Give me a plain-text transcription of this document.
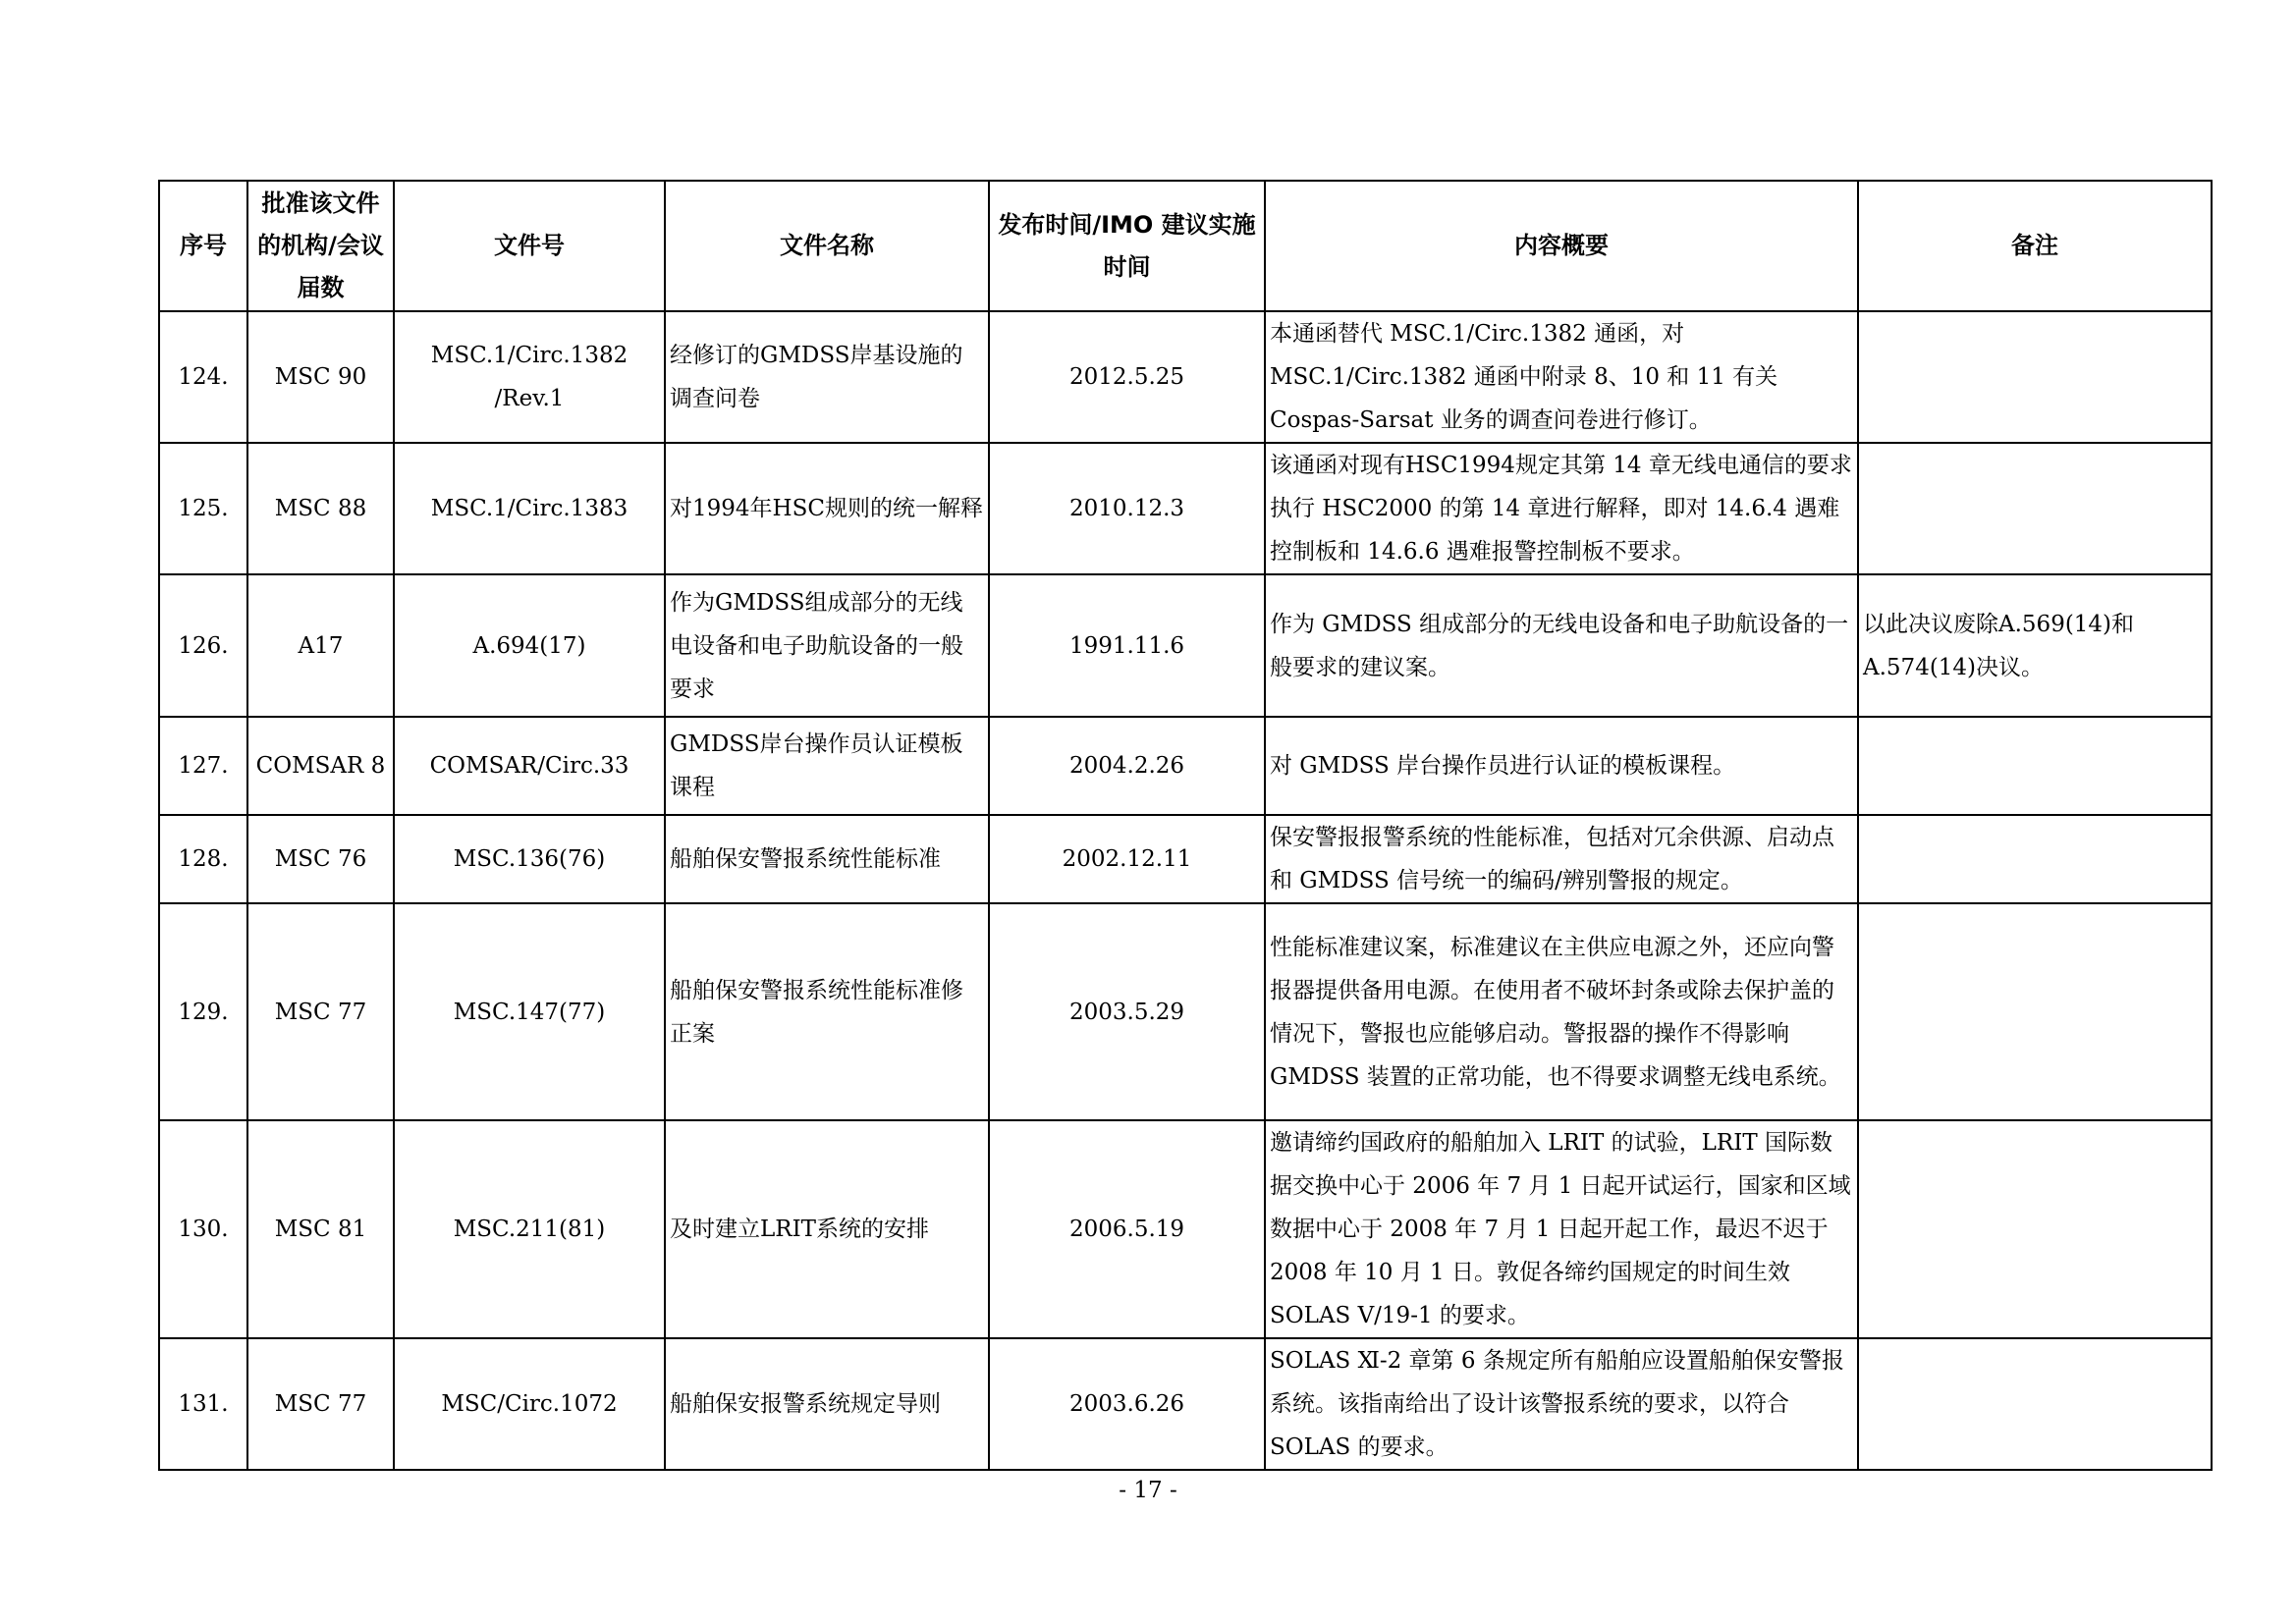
序号	批准该文件的机构/会议届数	文件号	文件名称	发布时间/IMO 建议实施时间	内容概要	备注
124.	MSC 90	MSC.1/Circ.1382 /Rev.1	经修订的GMDSS岸基设施的调查问卷	2012.5.25	本通函替代 MSC.1/Circ.1382 通函，对 MSC.1/Circ.1382 通函中附录 8、10 和 11 有关 Cospas-Sarsat 业务的调查问卷进行修订。	
125.	MSC 88	MSC.1/Circ.1383	对1994年HSC规则的统一解释	2010.12.3	该通函对现有HSC1994规定其第 14 章无线电通信的要求执行 HSC2000 的第 14 章进行解释，即对 14.6.4 遇难控制板和 14.6.6 遇难报警控制板不要求。	
126.	A17	A.694(17)	作为GMDSS组成部分的无线电设备和电子助航设备的一般要求	1991.11.6	作为 GMDSS 组成部分的无线电设备和电子助航设备的一般要求的建议案。	以此决议废除A.569(14)和A.574(14)决议。
127.	COMSAR 8	COMSAR/Circ.33	GMDSS岸台操作员认证模板课程	2004.2.26	对 GMDSS 岸台操作员进行认证的模板课程。	
128.	MSC 76	MSC.136(76)	船舶保安警报系统性能标准	2002.12.11	保安警报报警系统的性能标准，包括对冗余供源、启动点和 GMDSS 信号统一的编码/辨别警报的规定。	
129.	MSC 77	MSC.147(77)	船舶保安警报系统性能标准修正案	2003.5.29	性能标准建议案，标准建议在主供应电源之外，还应向警报器提供备用电源。在使用者不破坏封条或除去保护盖的情况下，警报也应能够启动。警报器的操作不得影响 GMDSS 装置的正常功能，也不得要求调整无线电系统。	
130.	MSC 81	MSC.211(81)	及时建立LRIT系统的安排	2006.5.19	邀请缔约国政府的船舶加入 LRIT 的试验，LRIT 国际数据交换中心于 2006 年 7 月 1 日起开试运行，国家和区域数据中心于 2008 年 7 月 1 日起开起工作，最迟不迟于 2008 年 10 月 1 日。敦促各缔约国规定的时间生效 SOLAS V/19-1 的要求。	
131.	MSC 77	MSC/Circ.1072	船舶保安报警系统规定导则	2003.6.26	SOLAS Ⅺ-2 章第 6 条规定所有船舶应设置船舶保安警报系统。该指南给出了设计该警报系统的要求，以符合 SOLAS 的要求。	
- 17 -
